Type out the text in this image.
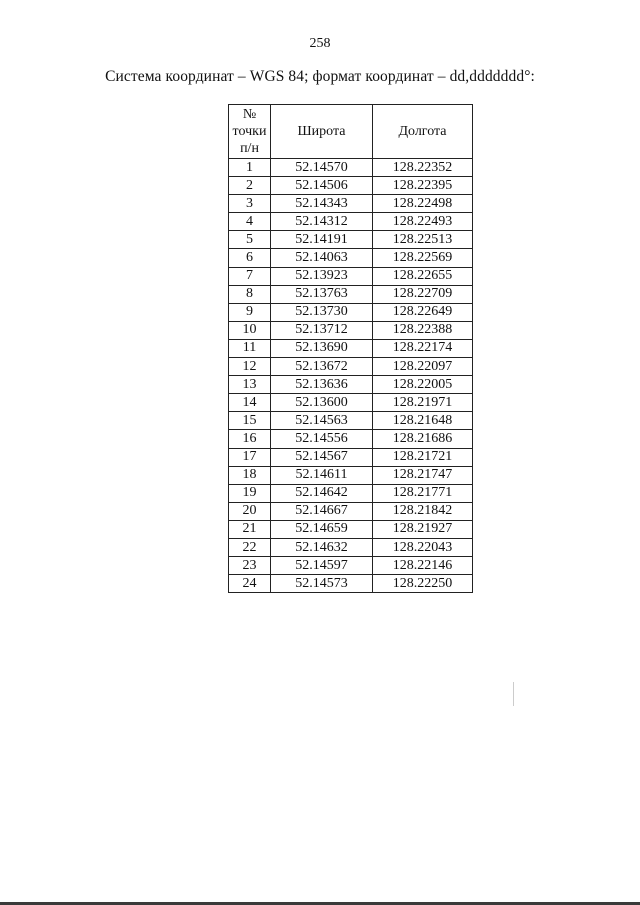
258
Система координат – WGS 84; формат координат – dd,ddddddd°:
№
точки
п/н	Широта	Долгота
1	52.14570	128.22352
2	52.14506	128.22395
3	52.14343	128.22498
4	52.14312	128.22493
5	52.14191	128.22513
6	52.14063	128.22569
7	52.13923	128.22655
8	52.13763	128.22709
9	52.13730	128.22649
10	52.13712	128.22388
11	52.13690	128.22174
12	52.13672	128.22097
13	52.13636	128.22005
14	52.13600	128.21971
15	52.14563	128.21648
16	52.14556	128.21686
17	52.14567	128.21721
18	52.14611	128.21747
19	52.14642	128.21771
20	52.14667	128.21842
21	52.14659	128.21927
22	52.14632	128.22043
23	52.14597	128.22146
24	52.14573	128.22250
